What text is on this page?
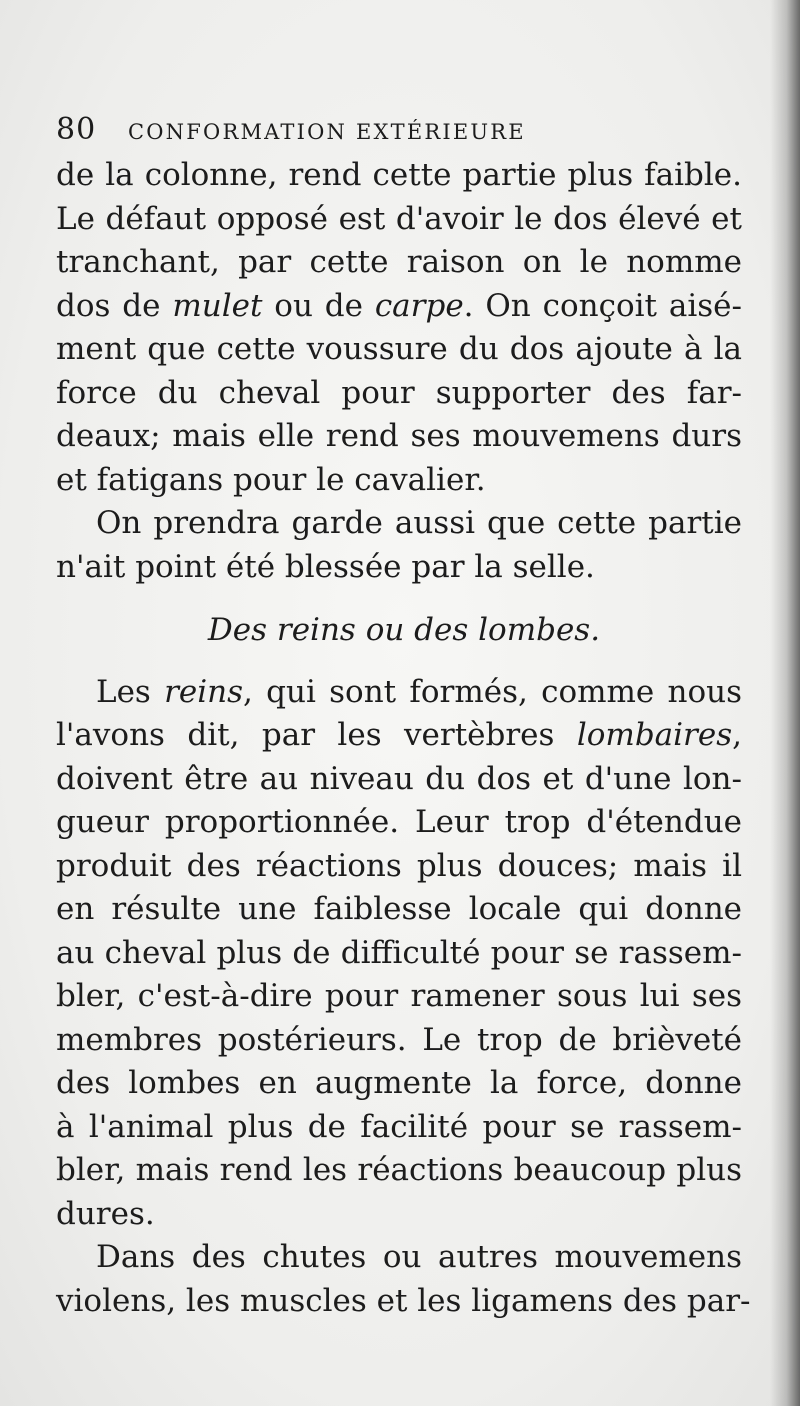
80	CONFORMATION EXTÉRIEURE
de la colonne, rend cette partie plus faible.
Le défaut opposé est d'avoir le dos élevé et
tranchant, par cette raison on le nomme
dos de mulet ou de carpe. On conçoit aisé-
ment que cette voussure du dos ajoute à la
force du cheval pour supporter des far-
deaux; mais elle rend ses mouvemens durs
et fatigans pour le cavalier.
On prendra garde aussi que cette partie
n'ait point été blessée par la selle.
Des reins ou des lombes.
Les reins, qui sont formés, comme nous
l'avons dit, par les vertèbres lombaires,
doivent être au niveau du dos et d'une lon-
gueur proportionnée. Leur trop d'étendue
produit des réactions plus douces; mais il
en résulte une faiblesse locale qui donne
au cheval plus de difficulté pour se rassem-
bler, c'est-à-dire pour ramener sous lui ses
membres postérieurs. Le trop de brièveté
des lombes en augmente la force, donne
à l'animal plus de facilité pour se rassem-
bler, mais rend les réactions beaucoup plus
dures.
Dans des chutes ou autres mouvemens
violens, les muscles et les ligamens des par-
